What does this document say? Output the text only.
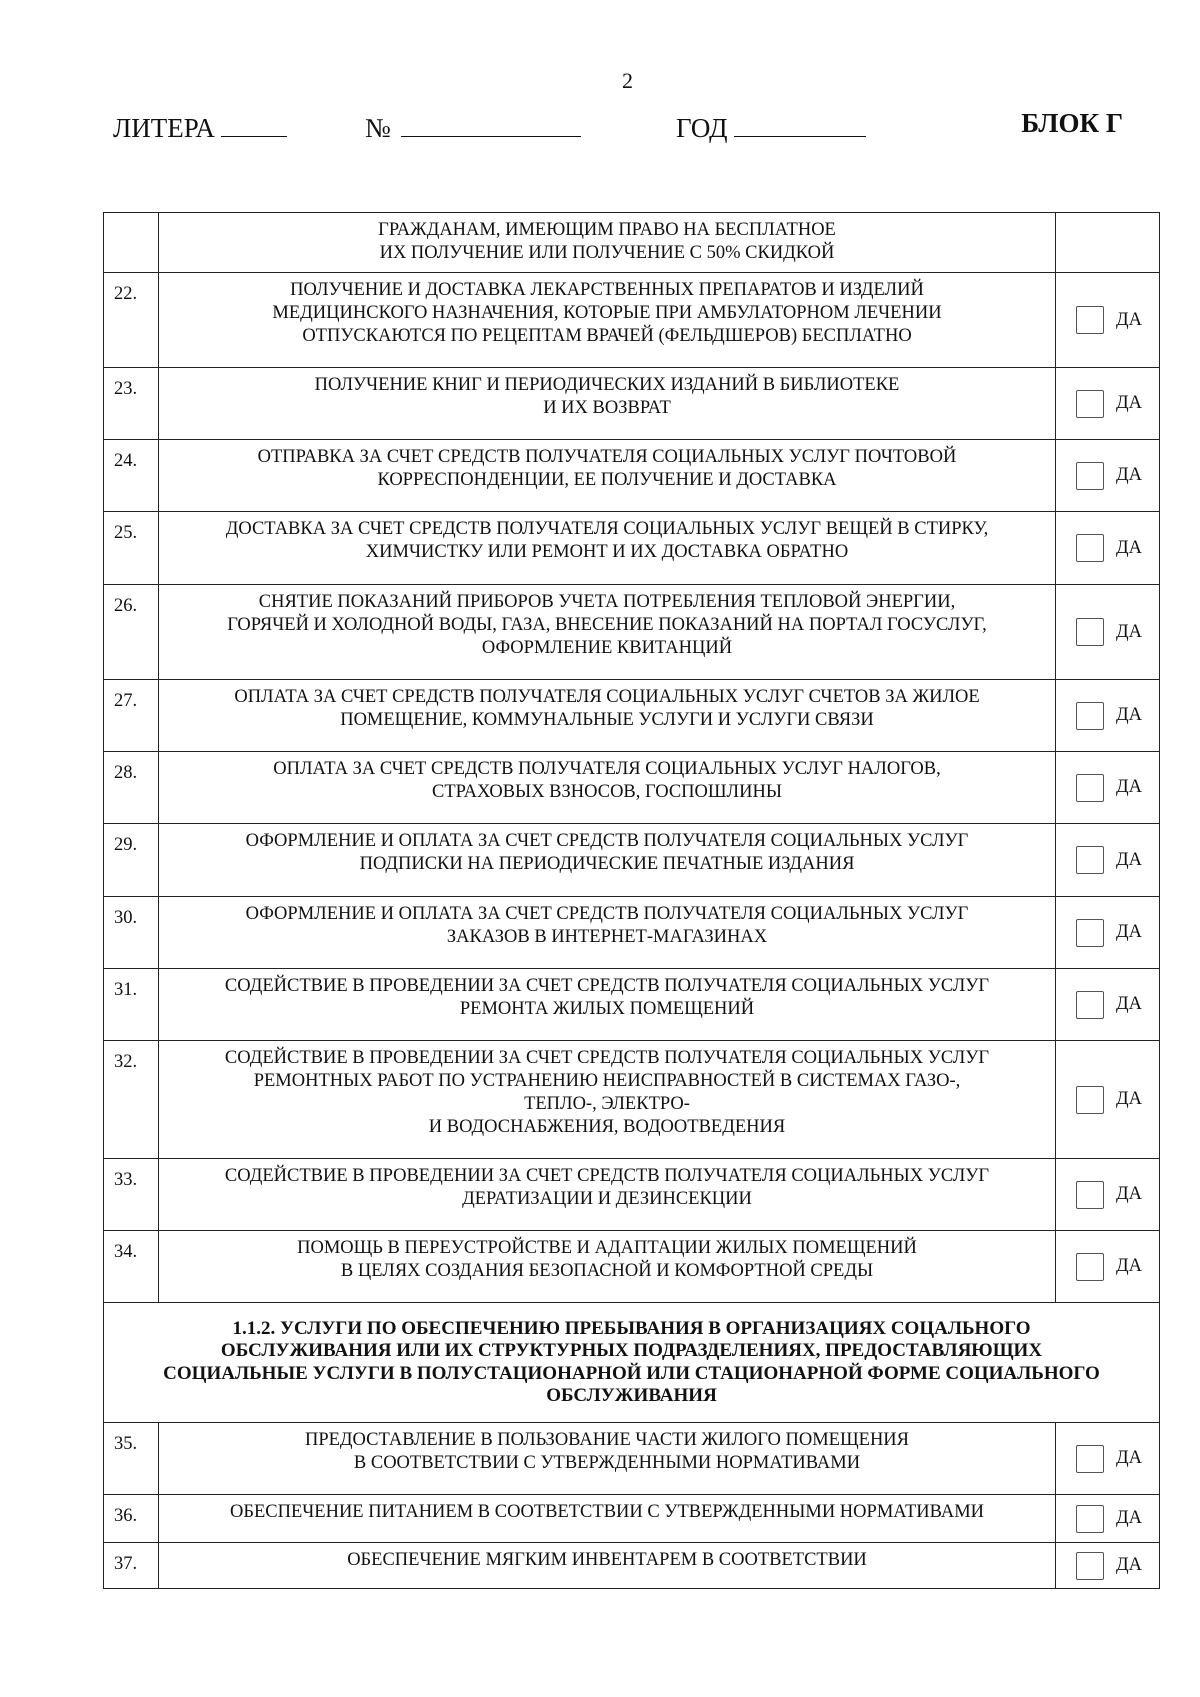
2
ЛИТЕРА	№	ГОД	БЛОК Г

	ГРАЖДАНАМ, ИМЕЮЩИМ ПРАВО НА БЕСПЛАТНОЕ
ИХ ПОЛУЧЕНИЕ ИЛИ ПОЛУЧЕНИЕ С 50% СКИДКОЙ	

22.	ПОЛУЧЕНИЕ И ДОСТАВКА ЛЕКАРСТВЕННЫХ ПРЕПАРАТОВ И ИЗДЕЛИЙ
МЕДИЦИНСКОГО НАЗНАЧЕНИЯ, КОТОРЫЕ ПРИ АМБУЛАТОРНОМ ЛЕЧЕНИИ
ОТПУСКАЮТСЯ ПО РЕЦЕПТАМ ВРАЧЕЙ (ФЕЛЬДШЕРОВ) БЕСПЛАТНО	ДА

23.	ПОЛУЧЕНИЕ КНИГ И ПЕРИОДИЧЕСКИХ ИЗДАНИЙ В БИБЛИОТЕКЕ
И ИХ ВОЗВРАТ	ДА

24.	ОТПРАВКА ЗА СЧЕТ СРЕДСТВ ПОЛУЧАТЕЛЯ СОЦИАЛЬНЫХ УСЛУГ ПОЧТОВОЙ
КОРРЕСПОНДЕНЦИИ, ЕЕ ПОЛУЧЕНИЕ И ДОСТАВКА	ДА

25.	ДОСТАВКА ЗА СЧЕТ СРЕДСТВ ПОЛУЧАТЕЛЯ СОЦИАЛЬНЫХ УСЛУГ ВЕЩЕЙ В СТИРКУ,
ХИМЧИСТКУ ИЛИ РЕМОНТ И ИХ ДОСТАВКА ОБРАТНО	ДА

26.	СНЯТИЕ ПОКАЗАНИЙ ПРИБОРОВ УЧЕТА ПОТРЕБЛЕНИЯ ТЕПЛОВОЙ ЭНЕРГИИ,
ГОРЯЧЕЙ И ХОЛОДНОЙ ВОДЫ, ГАЗА, ВНЕСЕНИЕ ПОКАЗАНИЙ НА ПОРТАЛ ГОСУСЛУГ,
ОФОРМЛЕНИЕ КВИТАНЦИЙ	ДА

27.	ОПЛАТА ЗА СЧЕТ СРЕДСТВ ПОЛУЧАТЕЛЯ СОЦИАЛЬНЫХ УСЛУГ СЧЕТОВ ЗА ЖИЛОЕ
ПОМЕЩЕНИЕ, КОММУНАЛЬНЫЕ УСЛУГИ И УСЛУГИ СВЯЗИ	ДА

28.	ОПЛАТА ЗА СЧЕТ СРЕДСТВ ПОЛУЧАТЕЛЯ СОЦИАЛЬНЫХ УСЛУГ НАЛОГОВ,
СТРАХОВЫХ ВЗНОСОВ, ГОСПОШЛИНЫ	ДА

29.	ОФОРМЛЕНИЕ И ОПЛАТА ЗА СЧЕТ СРЕДСТВ ПОЛУЧАТЕЛЯ СОЦИАЛЬНЫХ УСЛУГ
ПОДПИСКИ НА ПЕРИОДИЧЕСКИЕ ПЕЧАТНЫЕ ИЗДАНИЯ	ДА

30.	ОФОРМЛЕНИЕ И ОПЛАТА ЗА СЧЕТ СРЕДСТВ ПОЛУЧАТЕЛЯ СОЦИАЛЬНЫХ УСЛУГ
ЗАКАЗОВ В ИНТЕРНЕТ-МАГАЗИНАХ	ДА

31.	СОДЕЙСТВИЕ В ПРОВЕДЕНИИ ЗА СЧЕТ СРЕДСТВ ПОЛУЧАТЕЛЯ СОЦИАЛЬНЫХ УСЛУГ
РЕМОНТА ЖИЛЫХ ПОМЕЩЕНИЙ	ДА

32.	СОДЕЙСТВИЕ В ПРОВЕДЕНИИ ЗА СЧЕТ СРЕДСТВ ПОЛУЧАТЕЛЯ СОЦИАЛЬНЫХ УСЛУГ
РЕМОНТНЫХ РАБОТ ПО УСТРАНЕНИЮ НЕИСПРАВНОСТЕЙ В СИСТЕМАХ ГАЗО-,
ТЕПЛО-, ЭЛЕКТРО-
И ВОДОСНАБЖЕНИЯ, ВОДООТВЕДЕНИЯ	ДА

33.	СОДЕЙСТВИЕ В ПРОВЕДЕНИИ ЗА СЧЕТ СРЕДСТВ ПОЛУЧАТЕЛЯ СОЦИАЛЬНЫХ УСЛУГ
ДЕРАТИЗАЦИИ И ДЕЗИНСЕКЦИИ	ДА

34.	ПОМОЩЬ В ПЕРЕУСТРОЙСТВЕ И АДАПТАЦИИ ЖИЛЫХ ПОМЕЩЕНИЙ
В ЦЕЛЯХ СОЗДАНИЯ БЕЗОПАСНОЙ И КОМФОРТНОЙ СРЕДЫ	ДА

1.1.2. УСЛУГИ ПО ОБЕСПЕЧЕНИЮ ПРЕБЫВАНИЯ В ОРГАНИЗАЦИЯХ СОЦАЛЬНОГО
ОБСЛУЖИВАНИЯ ИЛИ ИХ СТРУКТУРНЫХ ПОДРАЗДЕЛЕНИЯХ, ПРЕДОСТАВЛЯЮЩИХ
СОЦИАЛЬНЫЕ УСЛУГИ В ПОЛУСТАЦИОНАРНОЙ ИЛИ СТАЦИОНАРНОЙ ФОРМЕ СОЦИАЛЬНОГО
ОБСЛУЖИВАНИЯ		

35.	ПРЕДОСТАВЛЕНИЕ В ПОЛЬЗОВАНИЕ ЧАСТИ ЖИЛОГО ПОМЕЩЕНИЯ
В СООТВЕТСТВИИ С УТВЕРЖДЕННЫМИ НОРМАТИВАМИ	ДА

36.	ОБЕСПЕЧЕНИЕ ПИТАНИЕМ В СООТВЕТСТВИИ С УТВЕРЖДЕННЫМИ НОРМАТИВАМИ	ДА

37.	ОБЕСПЕЧЕНИЕ МЯГКИМ ИНВЕНТАРЕМ В СООТВЕТСТВИИ	ДА
